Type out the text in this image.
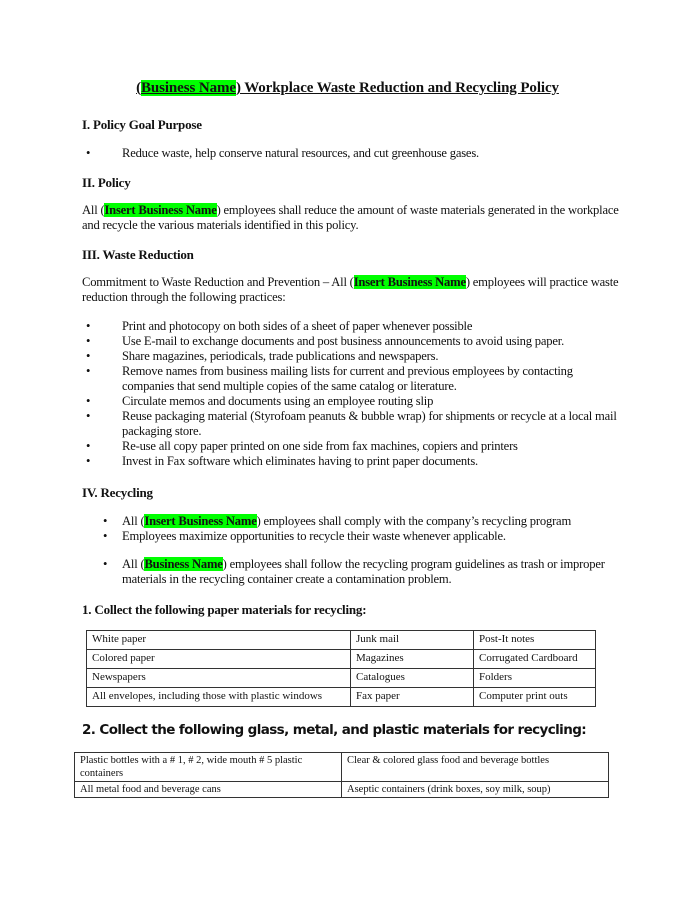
(Business Name) Workplace Waste Reduction and Recycling Policy
I. Policy Goal Purpose
•	Reduce waste, help conserve natural resources, and cut greenhouse gases.
II. Policy
All (Insert Business Name) employees shall reduce the amount of waste materials generated in the workplace and recycle the various materials identified in this policy.
III. Waste Reduction
Commitment to Waste Reduction and Prevention – All (Insert Business Name) employees will practice waste reduction through the following practices:
•	Print and photocopy on both sides of a sheet of paper whenever possible
•	Use E-mail to exchange documents and post business announcements to avoid using paper.
•	Share magazines, periodicals, trade publications and newspapers.
•	Remove names from business mailing lists for current and previous employees by contacting companies that send multiple copies of the same catalog or literature.
•	Circulate memos and documents using an employee routing slip
•	Reuse packaging material (Styrofoam peanuts & bubble wrap) for shipments or recycle at a local mail packaging store.
•	Re-use all copy paper printed on one side from fax machines, copiers and printers
•	Invest in Fax software which eliminates having to print paper documents.
IV. Recycling
• All (Insert Business Name) employees shall comply with the company’s recycling program
• Employees maximize opportunities to recycle their waste whenever applicable.
• All (Business Name) employees shall follow the recycling program guidelines as trash or improper materials in the recycling container create a contamination problem.
1. Collect the following paper materials for recycling:
White paper	Junk mail	Post-It notes
Colored paper	Magazines	Corrugated Cardboard
Newspapers	Catalogues	Folders
All envelopes, including those with plastic windows	Fax paper	Computer print outs
2. Collect the following glass, metal, and plastic materials for recycling:
Plastic bottles with a # 1, # 2, wide mouth # 5 plastic containers	Clear & colored glass food and beverage bottles
All metal food and beverage cans	Aseptic containers (drink boxes, soy milk, soup)
